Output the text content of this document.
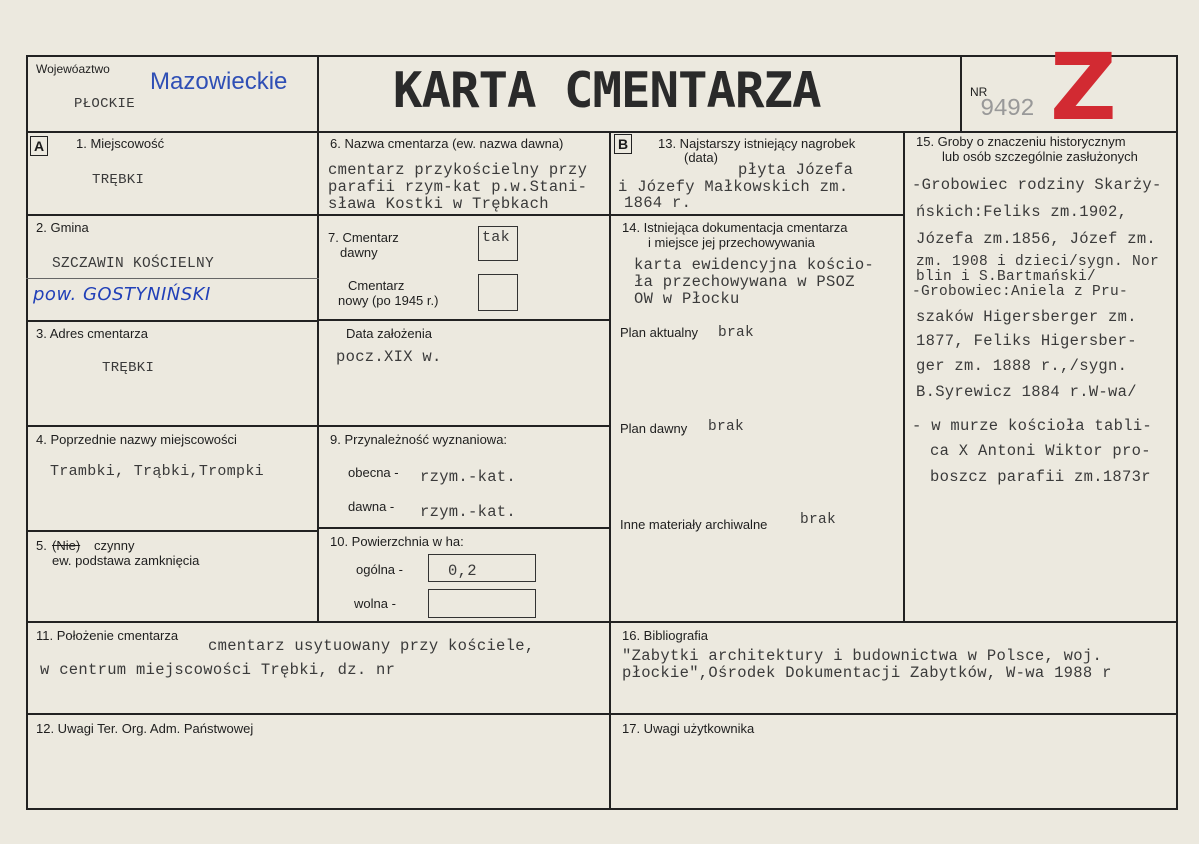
Wojewóaztwo Mazowieckie
PŁOCKIE	KARTA CMENTARZA	NR
9492 Z
A	1. Miejscowość
TRĘBKI
2. Gmina
SZCZAWIN KOŚCIELNY
pow. GOSTYNIŃSKI
3. Adres cmentarza
TRĘBKI
4. Poprzednie nazwy miejscowości
Trambki, Trąbki,Trompki
5. (Nie) czynny
ew. podstawa zamknięcia
6. Nazwa cmentarza (ew. nazwa dawna)
cmentarz przykościelny przy
parafii rzym-kat p.w.Stani-
sława Kostki w Trębkach
7. Cmentarz
dawny
tak
Cmentarz
nowy (po 1945 r.)
Data założenia
pocz.XIX w.
9. Przynależność wyznaniowa:
obecna - rzym.-kat.
dawna - rzym.-kat.
10. Powierzchnia w ha:
ogólna -	0,2
wolna -
B	13. Najstarszy istniejący nagrobek
(data)
płyta Józefa
i Józefy Małkowskich zm.
1864 r.
14. Istniejąca dokumentacja cmentarza
i miejsce jej przechowywania
karta ewidencyjna kościo-
ła przechowywana w PSOZ
OW w Płocku
Plan aktualny brak
Plan dawny brak
Inne materiały archiwalne brak
15. Groby o znaczeniu historycznym
lub osób szczególnie zasłużonych
-Grobowiec rodziny Skarży-
ńskich:Feliks zm.1902,
Józefa zm.1856, Józef zm.
zm. 1908 i dzieci/sygn. Nor
blin i S.Bartmański/
-Grobowiec:Aniela z Pru-
szaków Higersberger zm.
1877, Feliks Higersber-
ger zm. 1888 r.,/sygn.
B.Syrewicz 1884 r.W-wa/
- w murze kościoła tabli-
ca X Antoni Wiktor pro-
boszcz parafii zm.1873r
11. Położenie cmentarza
cmentarz usytuowany przy kościele,
w centrum miejscowości Trębki, dz. nr
16. Bibliografia
"Zabytki architektury i budownictwa w Polsce, woj.
płockie",Ośrodek Dokumentacji Zabytków, W-wa 1988 r
12. Uwagi Ter. Org. Adm. Państwowej	17. Uwagi użytkownika
